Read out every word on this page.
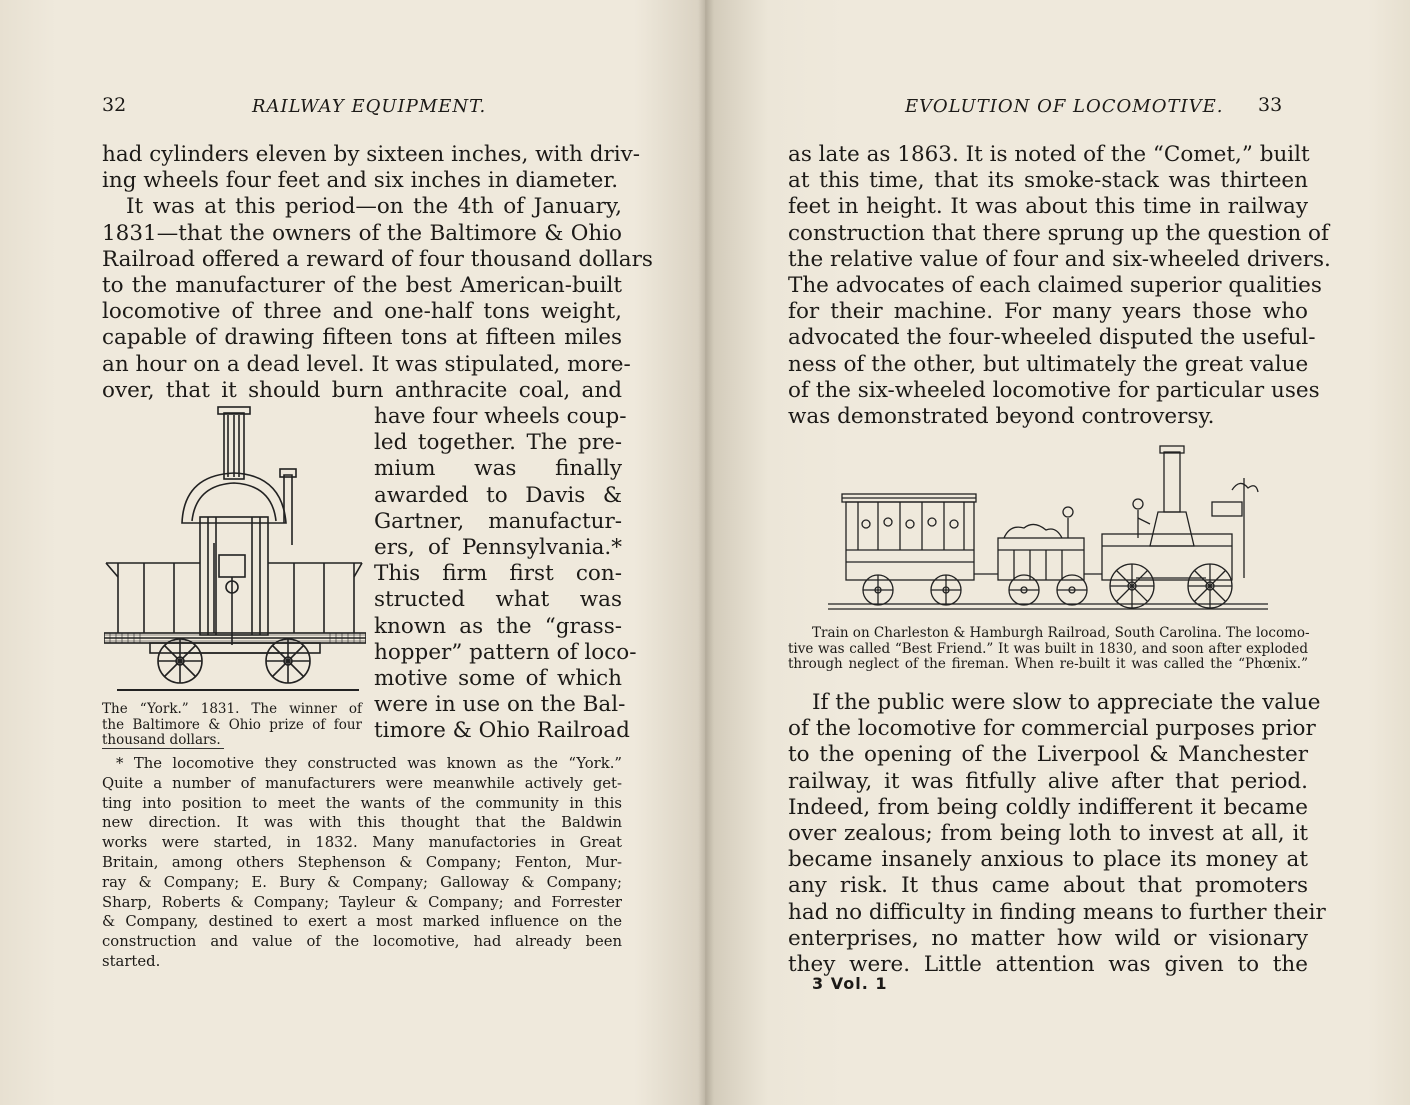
32	RAILWAY EQUIPMENT.
had cylinders eleven by sixteen inches, with driv-
ing wheels four feet and six inches in diameter.
It was at this period—on the 4th of January,
1831—that the owners of the Baltimore & Ohio
Railroad offered a reward of four thousand dollars
to the manufacturer of the best American-built
locomotive of three and one-half tons weight,
capable of drawing fifteen tons at fifteen miles
an hour on a dead level. It was stipulated, more-
over, that it should burn anthracite coal, and
have four wheels coup-
led together. The pre-
mium was finally
awarded to Davis &
Gartner, manufactur-
ers, of Pennsylvania.*
This firm first con-
structed what was
known as the “grass-
hopper” pattern of loco-
motive some of which
were in use on the Bal-
timore & Ohio Railroad
The “York.” 1831. The winner of
the Baltimore & Ohio prize of four
thousand dollars.
* The locomotive they constructed was known as the “York.”
Quite a number of manufacturers were meanwhile actively get-
ting into position to meet the wants of the community in this
new direction. It was with this thought that the Baldwin
works were started, in 1832. Many manufactories in Great
Britain, among others Stephenson & Company; Fenton, Mur-
ray & Company; E. Bury & Company; Galloway & Company;
Sharp, Roberts & Company; Tayleur & Company; and Forrester
& Company, destined to exert a most marked influence on the
construction and value of the locomotive, had already been
started.
EVOLUTION OF LOCOMOTIVE. 33
as late as 1863. It is noted of the “Comet,” built
at this time, that its smoke-stack was thirteen
feet in height. It was about this time in railway
construction that there sprung up the question of
the relative value of four and six-wheeled drivers.
The advocates of each claimed superior qualities
for their machine. For many years those who
advocated the four-wheeled disputed the useful-
ness of the other, but ultimately the great value
of the six-wheeled locomotive for particular uses
was demonstrated beyond controversy.
Train on Charleston & Hamburgh Railroad, South Carolina. The locomo-
tive was called “Best Friend.” It was built in 1830, and soon after exploded
through neglect of the fireman. When re-built it was called the “Phœnix.”
If the public were slow to appreciate the value
of the locomotive for commercial purposes prior
to the opening of the Liverpool & Manchester
railway, it was fitfully alive after that period.
Indeed, from being coldly indifferent it became
over zealous; from being loth to invest at all, it
became insanely anxious to place its money at
any risk. It thus came about that promoters
had no difficulty in finding means to further their
enterprises, no matter how wild or visionary
they were. Little attention was given to the
3 Vol. 1
